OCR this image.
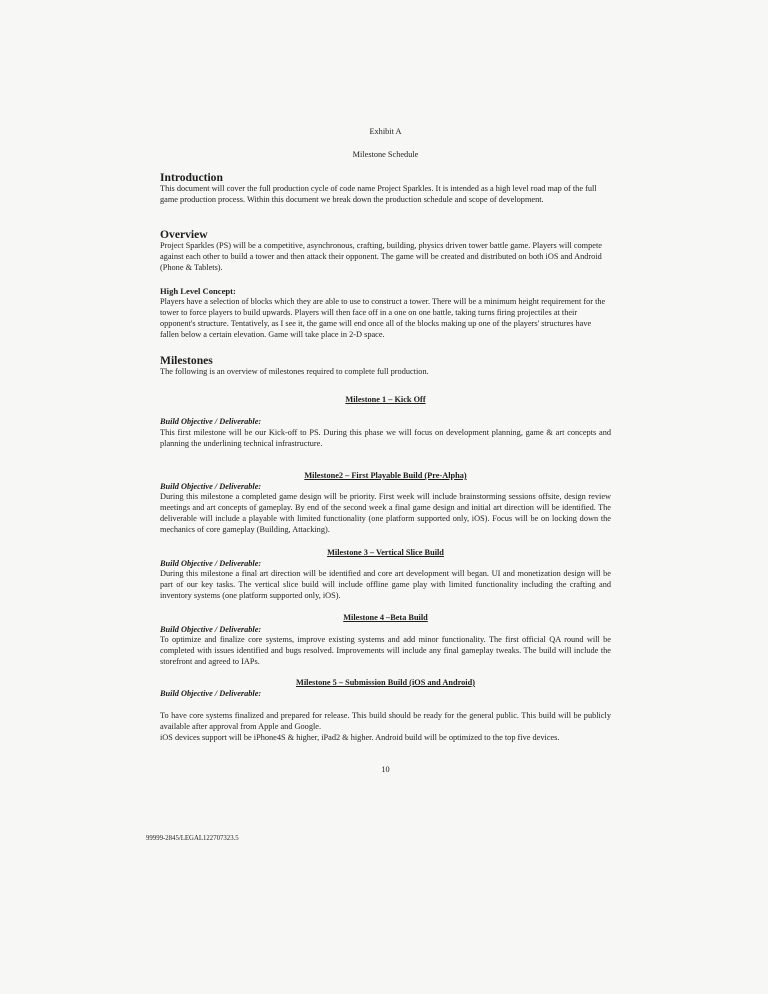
Exhibit A

Milestone Schedule

Introduction

This document will cover the full production cycle of code name Project Sparkles. It is intended as a high level road map of the full game production process. Within this document we break down the production schedule and scope of development.

Overview

Project Sparkles (PS) will be a competitive, asynchronous, crafting, building, physics driven tower battle game. Players will compete against each other to build a tower and then attack their opponent. The game will be created and distributed on both iOS and Android (Phone & Tablets).

High Level Concept:

Players have a selection of blocks which they are able to use to construct a tower. There will be a minimum height requirement for the tower to force players to build upwards. Players will then face off in a one on one battle, taking turns firing projectiles at their opponent's structure. Tentatively, as I see it, the game will end once all of the blocks making up one of the players' structures have fallen below a certain elevation. Game will take place in 2-D space.

Milestones

The following is an overview of milestones required to complete full production.

Milestone 1 – Kick Off

Build Objective / Deliverable:

This first milestone will be our Kick-off to PS. During this phase we will focus on development planning, game & art concepts and planning the underlining technical infrastructure.

Milestone2 – First Playable Build (Pre-Alpha)

Build Objective / Deliverable:

During this milestone a completed game design will be priority. First week will include brainstorming sessions offsite, design review meetings and art concepts of gameplay. By end of the second week a final game design and initial art direction will be identified. The deliverable will include a playable with limited functionality (one platform supported only, iOS). Focus will be on locking down the mechanics of core gameplay (Building, Attacking).

Milestone 3 – Vertical Slice Build

Build Objective / Deliverable:

During this milestone a final art direction will be identified and core art development will began. UI and monetization design will be part of our key tasks. The vertical slice build will include offline game play with limited functionality including the crafting and inventory systems (one platform supported only, iOS).

Milestone 4 –Beta Build

Build Objective / Deliverable:

To optimize and finalize core systems, improve existing systems and add minor functionality. The first official QA round will be completed with issues identified and bugs resolved. Improvements will include any final gameplay tweaks. The build will include the storefront and agreed to IAPs.

Milestone 5 – Submission Build (iOS and Android)

Build Objective / Deliverable:

To have core systems finalized and prepared for release. This build should be ready for the general public. This build will be publicly available after approval from Apple and Google.

iOS devices support will be iPhone4S & higher, iPad2 & higher. Android build will be optimized to the top five devices.

10
99999-2845/LEGAL122707323.5
